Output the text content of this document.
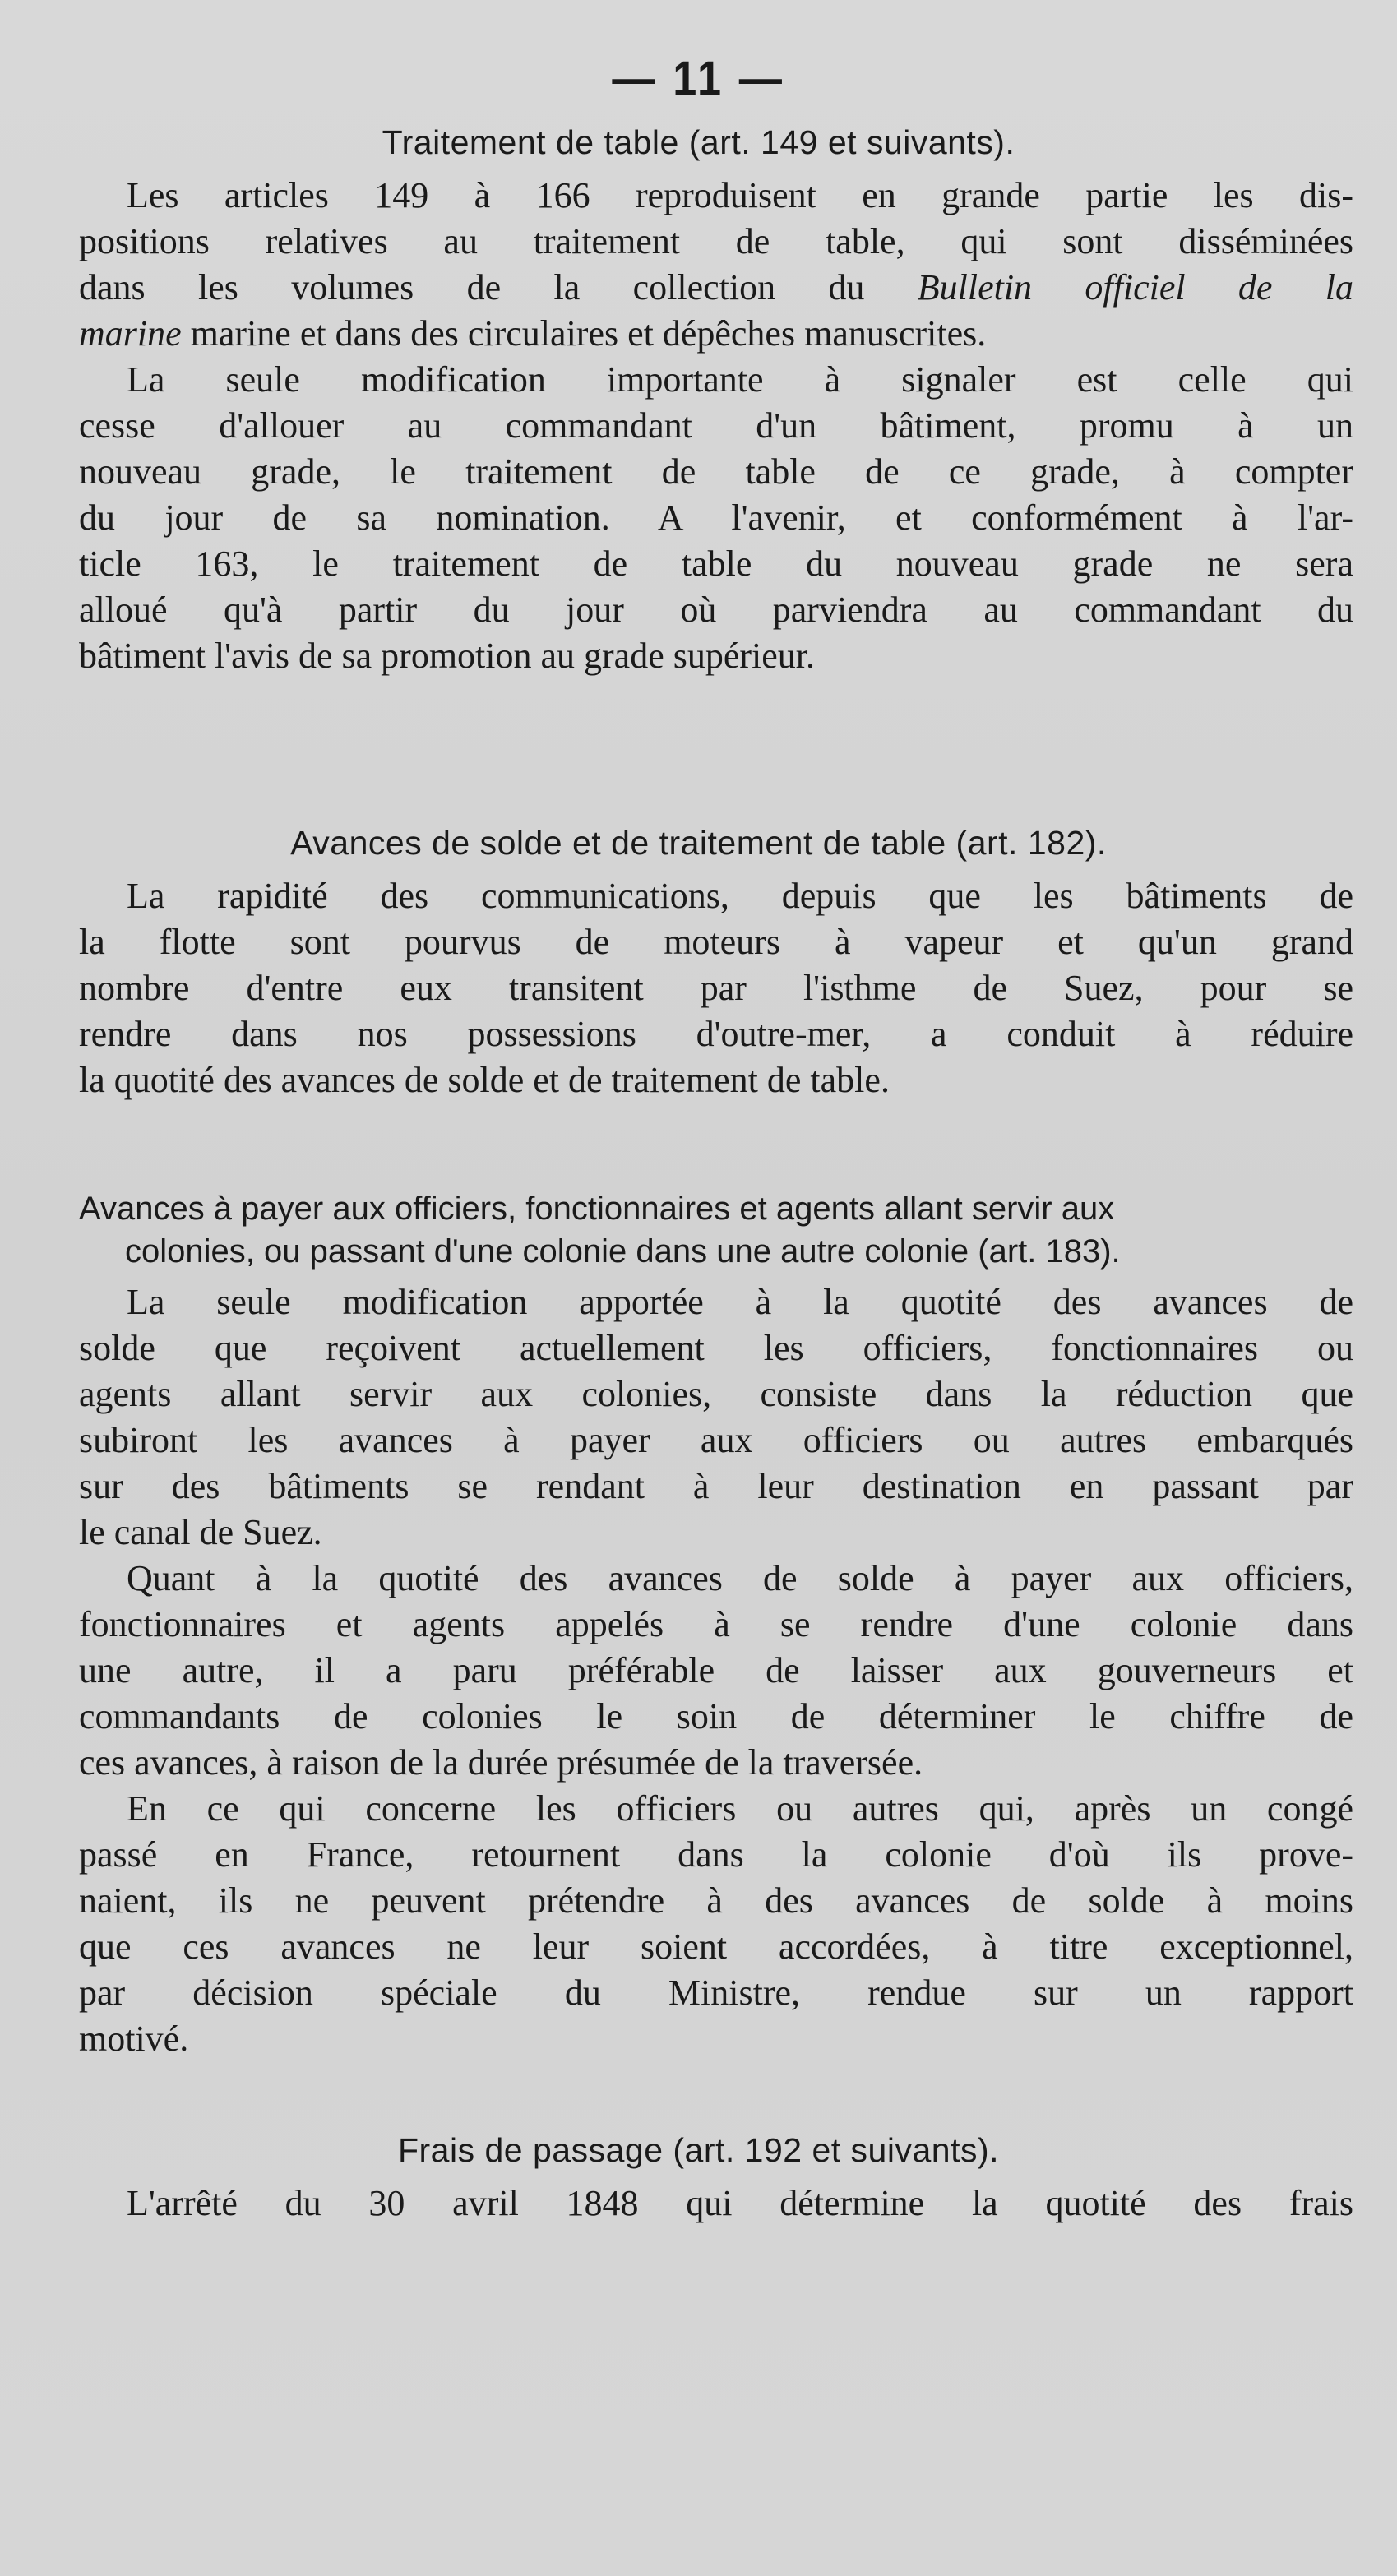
— 11 —
Traitement de table (art. 149 et suivants).
Les articles 149 à 166 reproduisent en grande partie les dis-
positions relatives au traitement de table, qui sont disséminées
dans les volumes de la collection du Bulletin officiel de la
marine marine et dans des circulaires et dépêches manuscrites.
La seule modification importante à signaler est celle qui
cesse d'allouer au commandant d'un bâtiment, promu à un
nouveau grade, le traitement de table de ce grade, à compter
du jour de sa nomination. A l'avenir, et conformément à l'ar-
ticle 163, le traitement de table du nouveau grade ne sera
alloué qu'à partir du jour où parviendra au commandant du
bâtiment l'avis de sa promotion au grade supérieur.
Avances de solde et de traitement de table (art. 182).
La rapidité des communications, depuis que les bâtiments de
la flotte sont pourvus de moteurs à vapeur et qu'un grand
nombre d'entre eux transitent par l'isthme de Suez, pour se
rendre dans nos possessions d'outre-mer, a conduit à réduire
la quotité des avances de solde et de traitement de table.
Avances à payer aux officiers, fonctionnaires et agents allant servir aux
colonies, ou passant d'une colonie dans une autre colonie (art. 183).
La seule modification apportée à la quotité des avances de
solde que reçoivent actuellement les officiers, fonctionnaires ou
agents allant servir aux colonies, consiste dans la réduction que
subiront les avances à payer aux officiers ou autres embarqués
sur des bâtiments se rendant à leur destination en passant par
le canal de Suez.
Quant à la quotité des avances de solde à payer aux officiers,
fonctionnaires et agents appelés à se rendre d'une colonie dans
une autre, il a paru préférable de laisser aux gouverneurs et
commandants de colonies le soin de déterminer le chiffre de
ces avances, à raison de la durée présumée de la traversée.
En ce qui concerne les officiers ou autres qui, après un congé
passé en France, retournent dans la colonie d'où ils prove-
naient, ils ne peuvent prétendre à des avances de solde à moins
que ces avances ne leur soient accordées, à titre exceptionnel,
par décision spéciale du Ministre, rendue sur un rapport
motivé.
Frais de passage (art. 192 et suivants).
L'arrêté du 30 avril 1848 qui détermine la quotité des frais
